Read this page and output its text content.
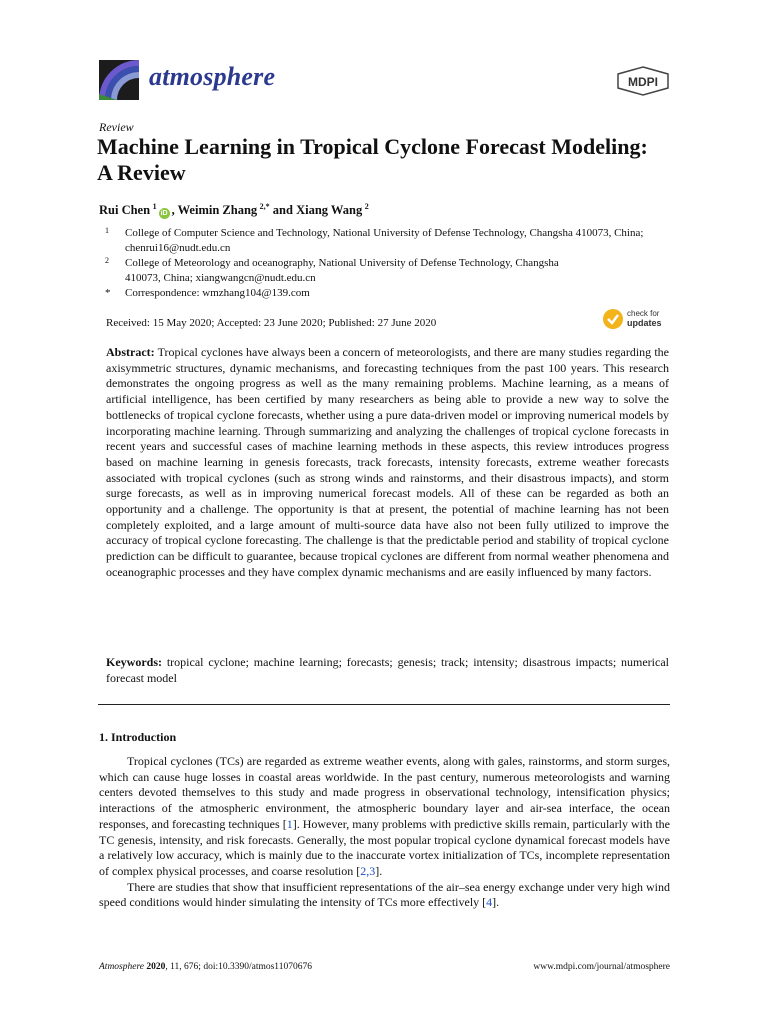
atmosphere	MDPI
Review
Machine Learning in Tropical Cyclone Forecast Modeling: A Review
Rui Chen  $^1$iD , Weimin Zhang  $^{2,*}$ and Xiang Wang  $^2$
1 College of Computer Science and Technology, National University of Defense Technology, Changsha 410073, China; chenrui16@nudt.edu.cn
2 College of Meteorology and oceanography, National University of Defense Technology, Changsha 410073, China; xiangwangcn@nudt.edu.cn
* Correspondence: wmzhang104@139.com
Received: 15 May 2020; Accepted: 23 June 2020; Published: 27 June 2020
check for
updates
Abstract: Tropical cyclones have always been a concern of meteorologists, and there are many studies regarding the axisymmetric structures, dynamic mechanisms, and forecasting techniques from the past 100 years. This research demonstrates the ongoing progress as well as the many remaining problems. Machine learning, as a means of artificial intelligence, has been certified by many researchers as being able to provide a new way to solve the bottlenecks of tropical cyclone forecasts, whether using a pure data-driven model or improving numerical models by incorporating machine learning. Through summarizing and analyzing the challenges of tropical cyclone forecasts in recent years and successful cases of machine learning methods in these aspects, this review introduces progress based on machine learning in genesis forecasts, track forecasts, intensity forecasts, extreme weather forecasts associated with tropical cyclones (such as strong winds and rainstorms, and their disastrous impacts), and storm surge forecasts, as well as in improving numerical forecast models. All of these can be regarded as both an opportunity and a challenge. The opportunity is that at present, the potential of machine learning has not been completely exploited, and a large amount of multi-source data have also not been fully utilized to improve the accuracy of tropical cyclone forecasting. The challenge is that the predictable period and stability of tropical cyclone prediction can be difficult to guarantee, because tropical cyclones are different from normal weather phenomena and oceanographic processes and they have complex dynamic mechanisms and are easily influenced by many factors.
Keywords: tropical cyclone; machine learning; forecasts; genesis; track; intensity; disastrous impacts; numerical forecast model
1. Introduction

Tropical cyclones (TCs) are regarded as extreme weather events, along with gales, rainstorms, and storm surges, which can cause huge losses in coastal areas worldwide. In the past century, numerous meteorologists and warning centers devoted themselves to this study and made progress in observational technology, intensification physics; interactions of the atmospheric environment, the atmospheric boundary layer and air-sea interface, the ocean responses, and forecasting techniques [1]. However, many problems with predictive skills remain, particularly with the TC genesis, intensity, and risk forecasts. Generally, the most popular tropical cyclone dynamical forecast models have a relatively low accuracy, which is mainly due to the inaccurate vortex initialization of TCs, incomplete representation of complex physical processes, and coarse resolution [2,3].

There are studies that show that insufficient representations of the air–sea energy exchange under very high wind speed conditions would hinder simulating the intensity of TCs more effectively [4].

Atmosphere 2020, 11, 676; doi:10.3390/atmos11070676	www.mdpi.com/journal/atmosphere
